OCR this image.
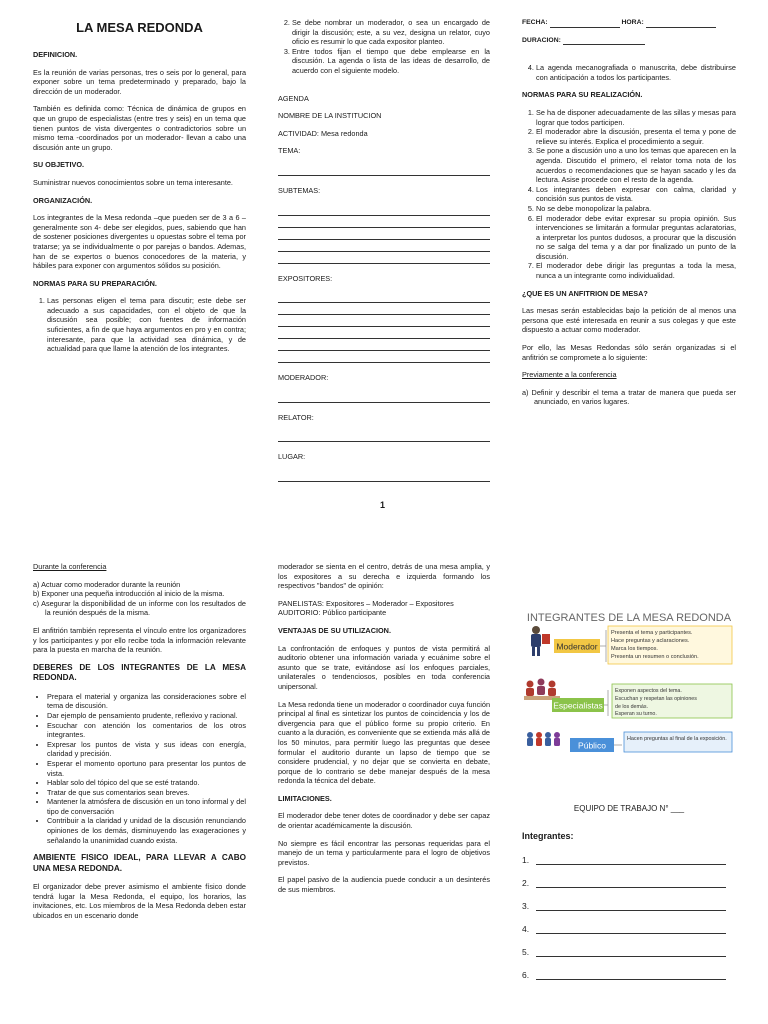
LA MESA REDONDA

DEFINICION.

Es la reunión de varias personas, tres o seis por lo general, para exponer sobre un tema predeterminado y preparado, bajo la dirección de un moderador.

También es definida como: Técnica de dinámica de grupos en que un grupo de especialistas (entre tres y seis) en un tema que tienen puntos de vista divergentes o contradictorios sobre un mismo tema -coordinados por un moderador- llevan a cabo una discusión ante un grupo.

SU OBJETIVO.

Suministrar nuevos conocimientos sobre un tema interesante.

ORGANIZACIÓN.

Los integrantes de la Mesa redonda –que pueden ser de 3 a 6 –generalmente son 4- debe ser elegidos, pues, sabiendo que han de sostener posiciones divergentes u opuestas sobre el tema por tratarse; ya se individualmente o por parejas o bandos. Ademas, han de se expertos o buenos conocedores de la materia, y hábiles para exponer con argumentos sólidos su posición.

NORMAS PARA SU PREPARACIÓN.

1. Las personas eligen el tema para discutir; este debe ser adecuado a sus capacidades, con el objeto de que la discusión sea posible; con fuentes de información suficientes, a fin de que haya argumentos en pro y en contra; interesante, para que la actividad sea dinámica, y de actualidad para que llame la atención de los integrantes.
2. Se debe nombrar un moderador, o sea un encargado de dirigir la discusión; este, a su vez, designa un relator, cuyo oficio es resumir lo que cada expositor planteo.
3. Entre todos fijan el tiempo que debe emplearse en la discusión. La agenda o lista de las ideas de desarrollo, de acuerdo con el siguiente modelo.

AGENDA

NOMBRE DE LA INSTITUCION

ACTIVIDAD: Mesa redonda

TEMA:

SUBTEMAS:

EXPOSITORES:

MODERADOR:

RELATOR:

LUGAR:

1

FECHA:	HORA:

DURACION:

4. La agenda mecanografiada o manuscrita, debe distribuirse con anticipación a todos los participantes.

NORMAS PARA SU REALIZACIÓN.

1. Se ha de disponer adecuadamente de las sillas y mesas para lograr que todos participen.
2. El moderador abre la discusión, presenta el tema y pone de relieve su interés. Explica el procedimiento a seguir.
3. Se pone a discusión uno a uno los temas que aparecen en la agenda. Discutido el primero, el relator toma nota de los acuerdos o recomendaciones que se hayan sacado y les da lectura. Asise procede con el resto de la agenda.
4. Los integrantes deben expresar con calma, claridad y concisión sus puntos de vista.
5. No se debe monopolizar la palabra.
6. El moderador debe evitar expresar su propia opinión. Sus intervenciones se limitarán a formular preguntas aclaratorias, a interpretar los puntos dudosos, a procurar que la discusión no se salga del tema y a dar por finalizado un punto de la discusión.
7. El moderador debe dirigir las preguntas a toda la mesa, nunca a un integrante como individualidad.

¿QUE ES UN ANFITRION DE MESA?

Las mesas serán establecidas bajo la petición de al menos una persona que esté interesada en reunir a sus colegas y que este dispuesto a actuar como moderador.

Por ello, las Mesas Redondas sólo serán organizadas si el anfitrión se compromete a lo siguiente:

Previamente a la conferencia

a) Definir y describir el tema a tratar de manera que pueda ser anunciado, en varios lugares.

Durante la conferencia

a) Actuar como moderador durante la reunión
b) Exponer una pequeña introducción al inicio de la misma.
c) Asegurar la disponibilidad de un informe con los resultados de la reunión después de la misma.

El anfitrión también representa el vínculo entre los organizadores y los participantes y por ello recibe toda la información relevante para la puesta en marcha de la reunión.

DEBERES DE LOS INTEGRANTES DE LA MESA REDONDA.

• Prepara el material y organiza las consideraciones sobre el tema de discusión.
• Dar ejemplo de pensamiento prudente, reflexivo y racional.
• Escuchar con atención los comentarios de los otros integrantes.
• Expresar los puntos de vista y sus ideas con energía, claridad y precisión.
• Esperar el momento oportuno para presentar los puntos de vista.
• Hablar solo del tópico del que se esté tratando.
• Tratar de que sus comentarios sean breves.
• Mantener la atmósfera de discusión en un tono informal y del tipo de conversación
• Contribuir a la claridad y unidad de la discusión renunciando opiniones de los demás, disminuyendo las exageraciones y señalando la unanimidad cuando exista.

AMBIENTE FISICO IDEAL, PARA LLEVAR A CABO UNA MESA REDONDA.

El organizador debe prever asimismo el ambiente físico donde tendrá lugar la Mesa Redonda, el equipo, los horarios, las invitaciones, etc. Los miembros de la Mesa Redonda deben estar ubicados en un escenario donde

moderador se sienta en el centro, detrás de una mesa amplia, y los expositores a su derecha e izquierda formando los respectivos "bandos" de opinión:

PANELISTAS: Expositores – Moderador – Expositores

AUDITORIO: Público participante

VENTAJAS DE SU UTILIZACION.

La confrontación de enfoques y puntos de vista permitirá al auditorio obtener una información variada y ecuánime sobre el asunto que se trate, evitándose así los enfoques parciales, unilaterales o tendenciosos, posibles en toda conferencia unipersonal.

La Mesa redonda tiene un moderador o coordinador cuya función principal al final es sintetizar los puntos de coincidencia y los de divergencia para que el público forme su propio criterio. En cuanto a la duración, es conveniente que se extienda más allá de los 50 minutos, para permitir luego las preguntas que desee formular el auditorio durante un lapso de tiempo que se considere prudencial, y no dejar que se convierta en debate, porque de lo contrario se debe manejar después de la mesa redonda la técnica del debate.

LIMITACIONES.

El moderador debe tener dotes de coordinador y debe ser capaz de orientar académicamente la discusión.

No siempre es fácil encontrar las personas requeridas para el manejo de un tema y particularmente para el logro de objetivos previstos.

El papel pasivo de la audiencia puede conducir a un desinterés de sus miembros.

INTEGRANTES DE LA MESA REDONDA
Moderador
Presenta el tema y participantes. Hace preguntas y aclaraciones. Marca los tiempos. Presenta un resumen o conclusión.
Especialistas
Exponen aspectos del tema. Escuchan y respetan las opiniones de los demás. Esperan su turno.
Público
Hacen preguntas al final de la exposición.
EQUIPO DE TRABAJO N° ___
Integrantes:
1.
2.
3.
4.
5.
6.
